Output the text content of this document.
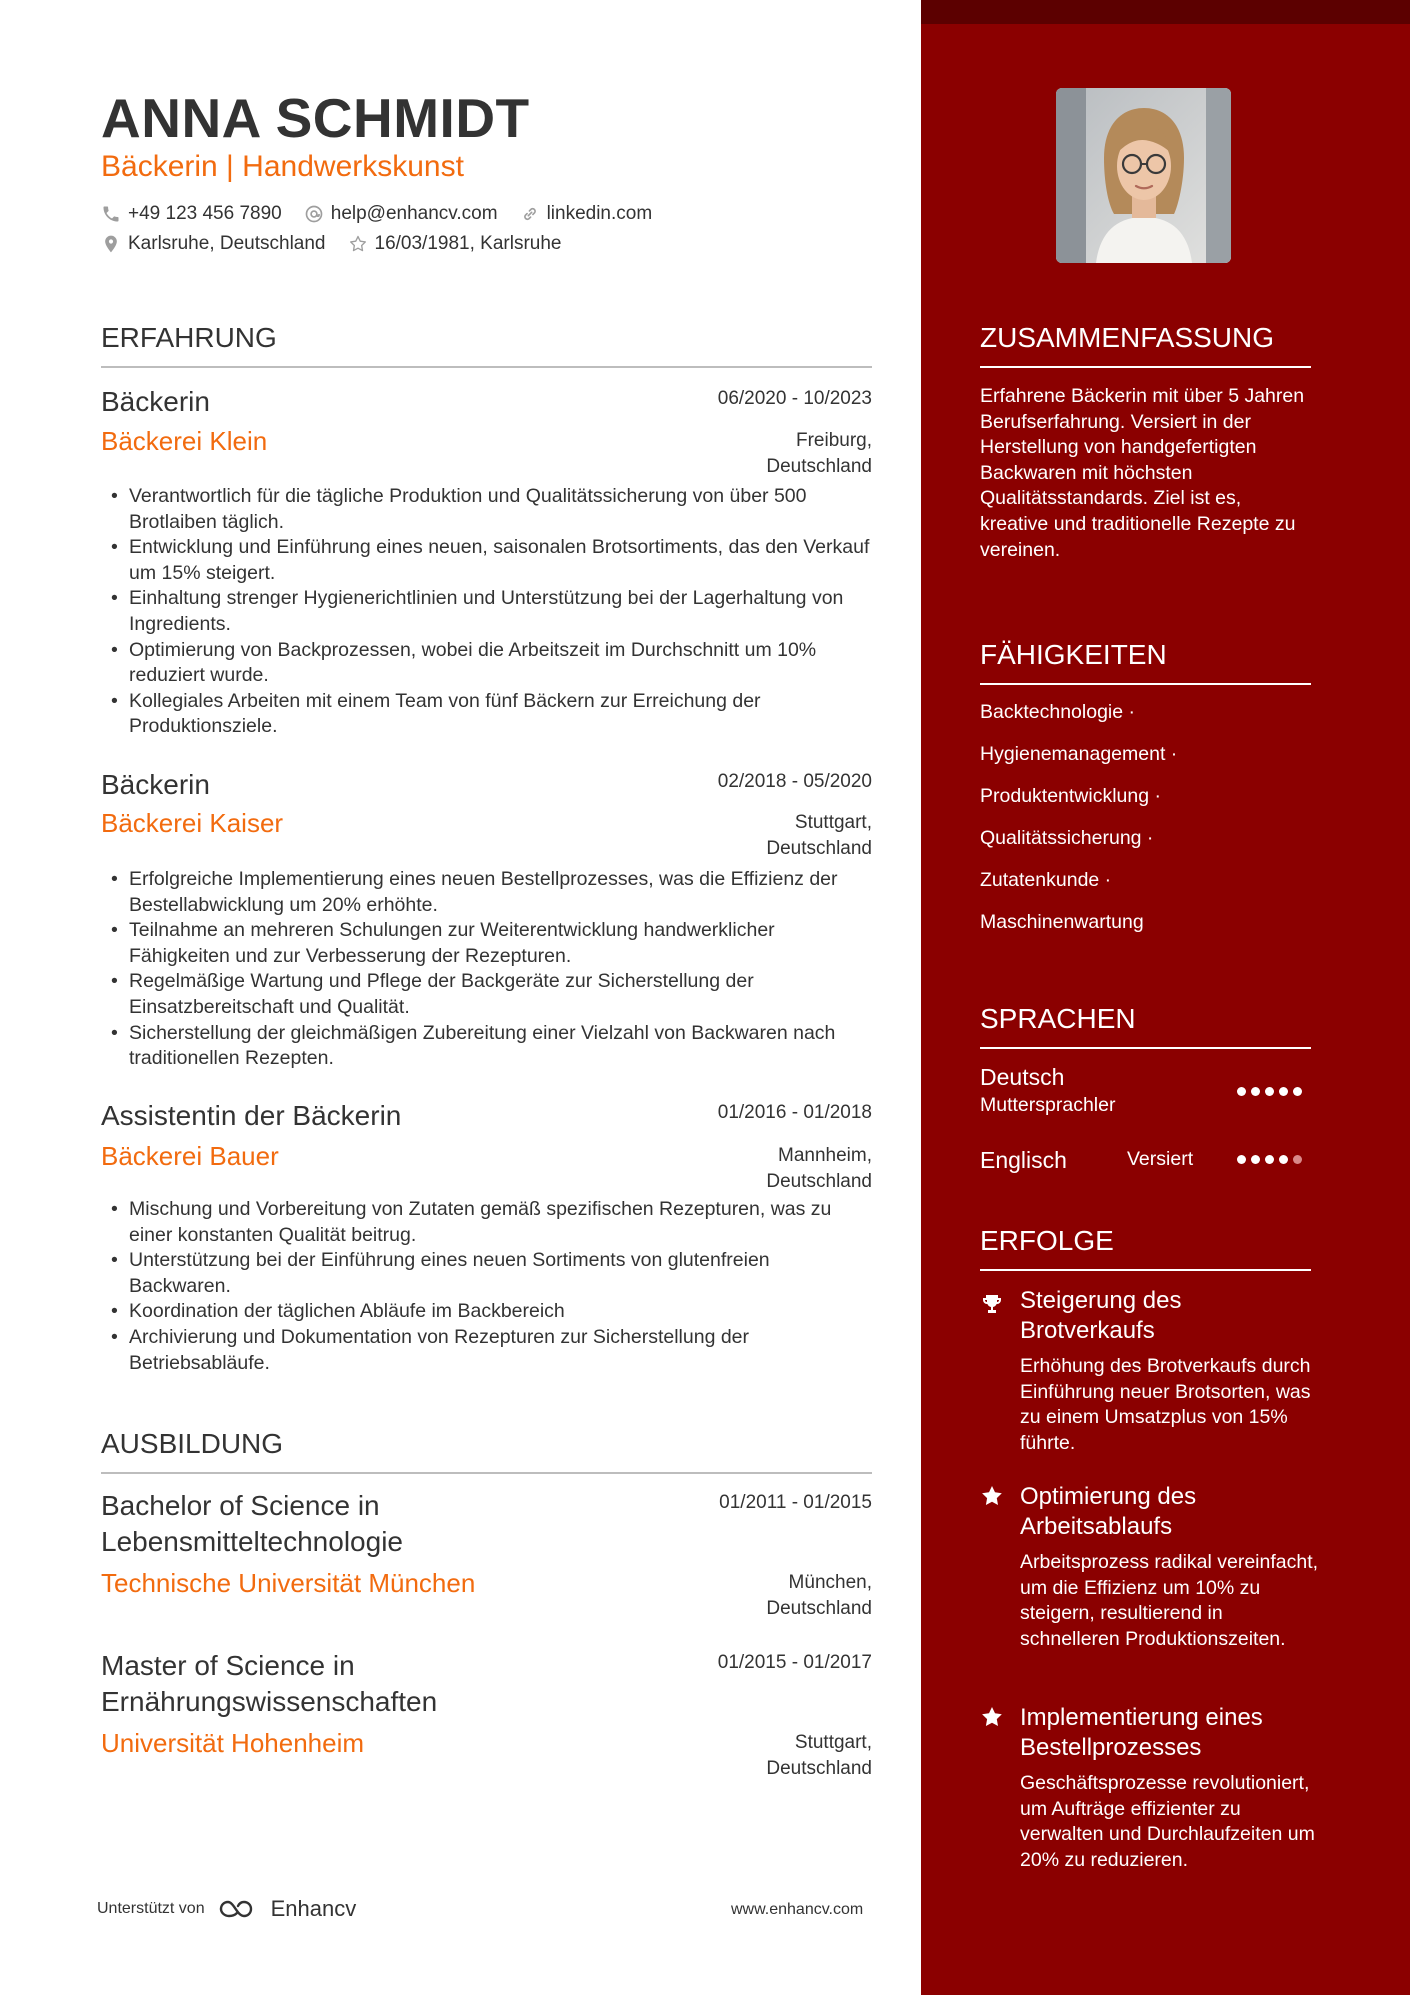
ANNA SCHMIDT
Bäckerin | Handwerkskunst
+49 123 456 7890	help@enhancv.com	linkedin.com
Karlsruhe, Deutschland	16/03/1981, Karlsruhe
ERFAHRUNG
Bäckerin	06/2020 - 10/2023
Bäckerei Klein	Freiburg,
Deutschland
• Verantwortlich für die tägliche Produktion und Qualitätssicherung von über 500 Brotlaiben täglich.
• Entwicklung und Einführung eines neuen, saisonalen Brotsortiments, das den Verkauf um 15% steigert.
• Einhaltung strenger Hygienerichtlinien und Unterstützung bei der Lagerhaltung von Ingredients.
• Optimierung von Backprozessen, wobei die Arbeitszeit im Durchschnitt um 10% reduziert wurde.
• Kollegiales Arbeiten mit einem Team von fünf Bäckern zur Erreichung der Produktionsziele.
Bäckerin	02/2018 - 05/2020
Bäckerei Kaiser	Stuttgart,
Deutschland
• Erfolgreiche Implementierung eines neuen Bestellprozesses, was die Effizienz der Bestellabwicklung um 20% erhöhte.
• Teilnahme an mehreren Schulungen zur Weiterentwicklung handwerklicher Fähigkeiten und zur Verbesserung der Rezepturen.
• Regelmäßige Wartung und Pflege der Backgeräte zur Sicherstellung der Einsatzbereitschaft und Qualität.
• Sicherstellung der gleichmäßigen Zubereitung einer Vielzahl von Backwaren nach traditionellen Rezepten.
Assistentin der Bäckerin	01/2016 - 01/2018
Bäckerei Bauer	Mannheim,
Deutschland
• Mischung und Vorbereitung von Zutaten gemäß spezifischen Rezepturen, was zu einer konstanten Qualität beitrug.
• Unterstützung bei der Einführung eines neuen Sortiments von glutenfreien Backwaren.
• Koordination der täglichen Abläufe im Backbereich
• Archivierung und Dokumentation von Rezepturen zur Sicherstellung der Betriebsabläufe.
AUSBILDUNG
Bachelor of Science in
Lebensmitteltechnologie
01/2011 - 01/2015
Technische Universität München	München,
Deutschland
Master of Science in
Ernährungswissenschaften
01/2015 - 01/2017
Universität Hohenheim	Stuttgart,
Deutschland
Unterstützt von	Enhancv	www.enhancv.com
ZUSAMMENFASSUNG
Erfahrene Bäckerin mit über 5 Jahren Berufserfahrung. Versiert in der Herstellung von handgefertigten Backwaren mit höchsten Qualitätsstandards. Ziel ist es, kreative und traditionelle Rezepte zu vereinen.
FÄHIGKEITEN
Backtechnologie ·
Hygienemanagement ·
Produktentwicklung ·
Qualitätssicherung ·
Zutatenkunde ·
Maschinenwartung
SPRACHEN
Deutsch
Muttersprachler
Englisch	Versiert
ERFOLGE
Steigerung des Brotverkaufs
Erhöhung des Brotverkaufs durch Einführung neuer Brotsorten, was zu einem Umsatzplus von 15% führte.
Optimierung des Arbeitsablaufs
Arbeitsprozess radikal vereinfacht, um die Effizienz um 10% zu steigern, resultierend in schnelleren Produktionszeiten.
Implementierung eines Bestellprozesses
Geschäftsprozesse revolutioniert, um Aufträge effizienter zu verwalten und Durchlaufzeiten um 20% zu reduzieren.
